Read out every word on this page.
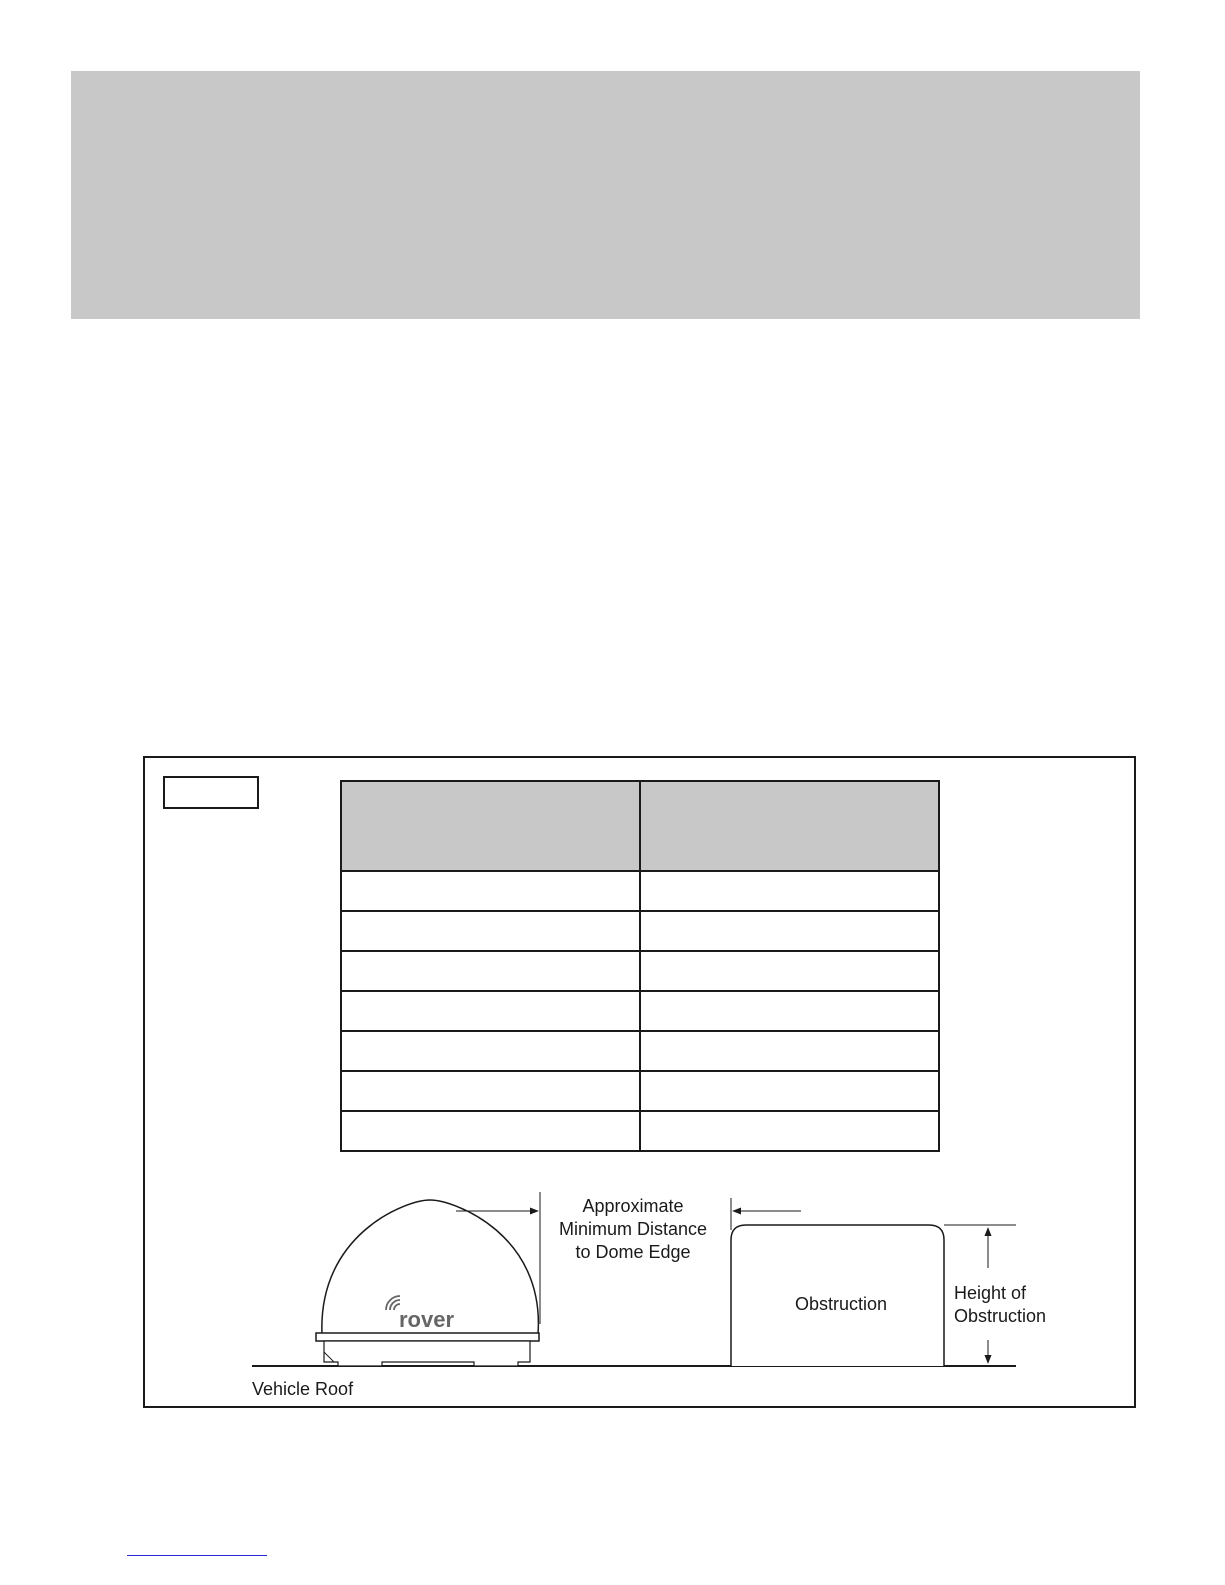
rover
Approximate
Minimum Distance
to Dome Edge
Obstruction
Height of
Obstruction
Vehicle Roof
